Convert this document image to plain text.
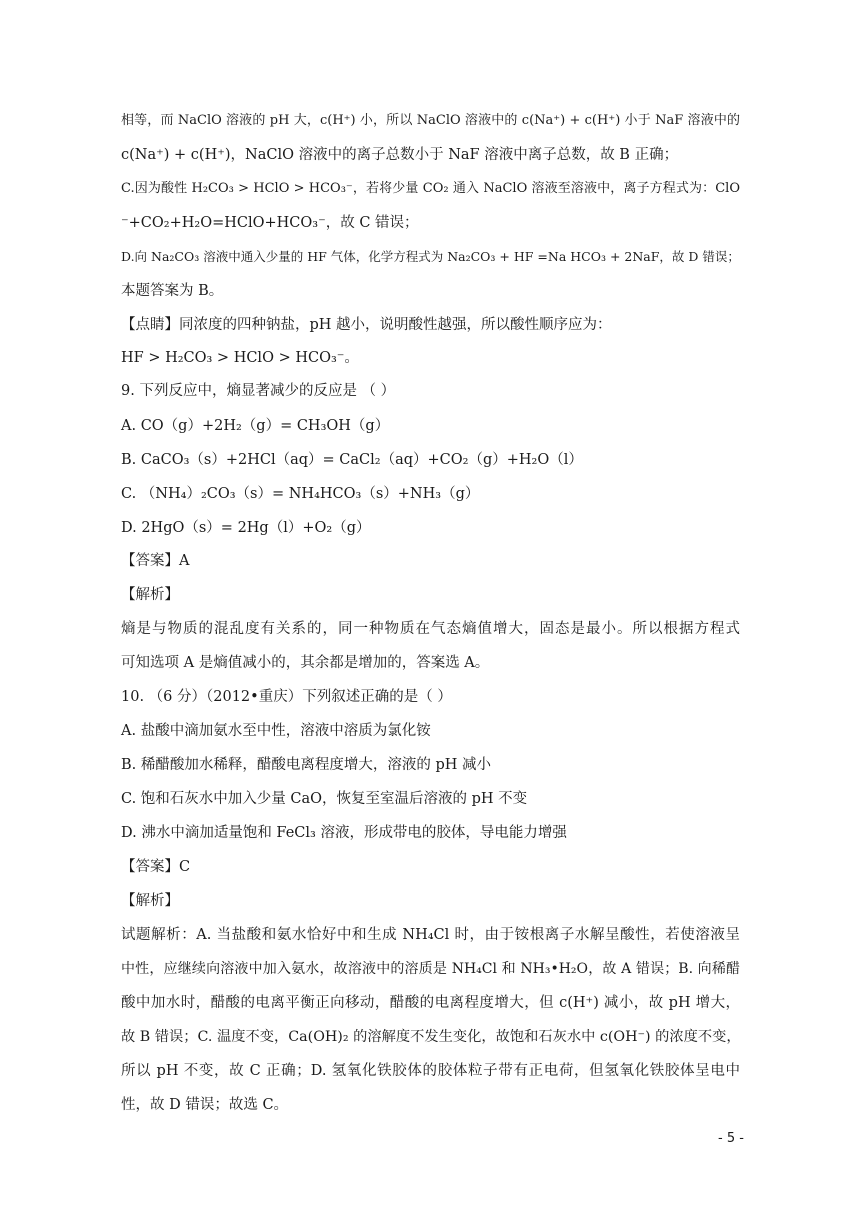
相等，而 NaClO 溶液的 pH 大，c(H⁺) 小，所以 NaClO 溶液中的 c(Na⁺) + c(H⁺) 小于 NaF 溶液中的
c(Na⁺) + c(H⁺)，NaClO 溶液中的离子总数小于 NaF 溶液中离子总数，故 B 正确；
C.因为酸性 H₂CO₃ > HClO > HCO₃⁻，若将少量 CO₂ 通入 NaClO 溶液至溶液中，离子方程式为：ClO
⁻+CO₂+H₂O=HClO+HCO₃⁻，故 C 错误；
D.向 Na₂CO₃ 溶液中通入少量的 HF 气体，化学方程式为 Na₂CO₃ + HF =Na HCO₃ + 2NaF，故 D 错误；
本题答案为 B。
【点睛】同浓度的四种钠盐，pH 越小，说明酸性越强，所以酸性顺序应为：
HF > H₂CO₃ > HClO > HCO₃⁻。
9. 下列反应中，熵显著减少的反应是 （ ）
A. CO（g）+2H₂（g）= CH₃OH（g）
B. CaCO₃（s）+2HCl（aq）= CaCl₂（aq）+CO₂（g）+H₂O（l）
C. （NH₄）₂CO₃（s）= NH₄HCO₃（s）+NH₃（g）
D. 2HgO（s）= 2Hg（l）+O₂（g）
【答案】A
【解析】
熵是与物质的混乱度有关系的，同一种物质在气态熵值增大，固态是最小。所以根据方程式
可知选项 A 是熵值减小的，其余都是增加的，答案选 A。
10. （6 分）（2012•重庆）下列叙述正确的是（ ）
A. 盐酸中滴加氨水至中性，溶液中溶质为氯化铵
B. 稀醋酸加水稀释，醋酸电离程度增大，溶液的 pH 减小
C. 饱和石灰水中加入少量 CaO，恢复至室温后溶液的 pH 不变
D. 沸水中滴加适量饱和 FeCl₃ 溶液，形成带电的胶体，导电能力增强
【答案】C
【解析】
试题解析：A. 当盐酸和氨水恰好中和生成 NH₄Cl 时，由于铵根离子水解呈酸性，若使溶液呈
中性，应继续向溶液中加入氨水，故溶液中的溶质是 NH₄Cl 和 NH₃•H₂O，故 A 错误；B. 向稀醋
酸中加水时，醋酸的电离平衡正向移动，醋酸的电离程度增大，但 c(H⁺) 减小，故 pH 增大，
故 B 错误；C. 温度不变，Ca(OH)₂ 的溶解度不发生变化，故饱和石灰水中 c(OH⁻) 的浓度不变，
所以 pH 不变，故 C 正确；D. 氢氧化铁胶体的胶体粒子带有正电荷，但氢氧化铁胶体呈电中
性，故 D 错误；故选 C。
- 5 -
